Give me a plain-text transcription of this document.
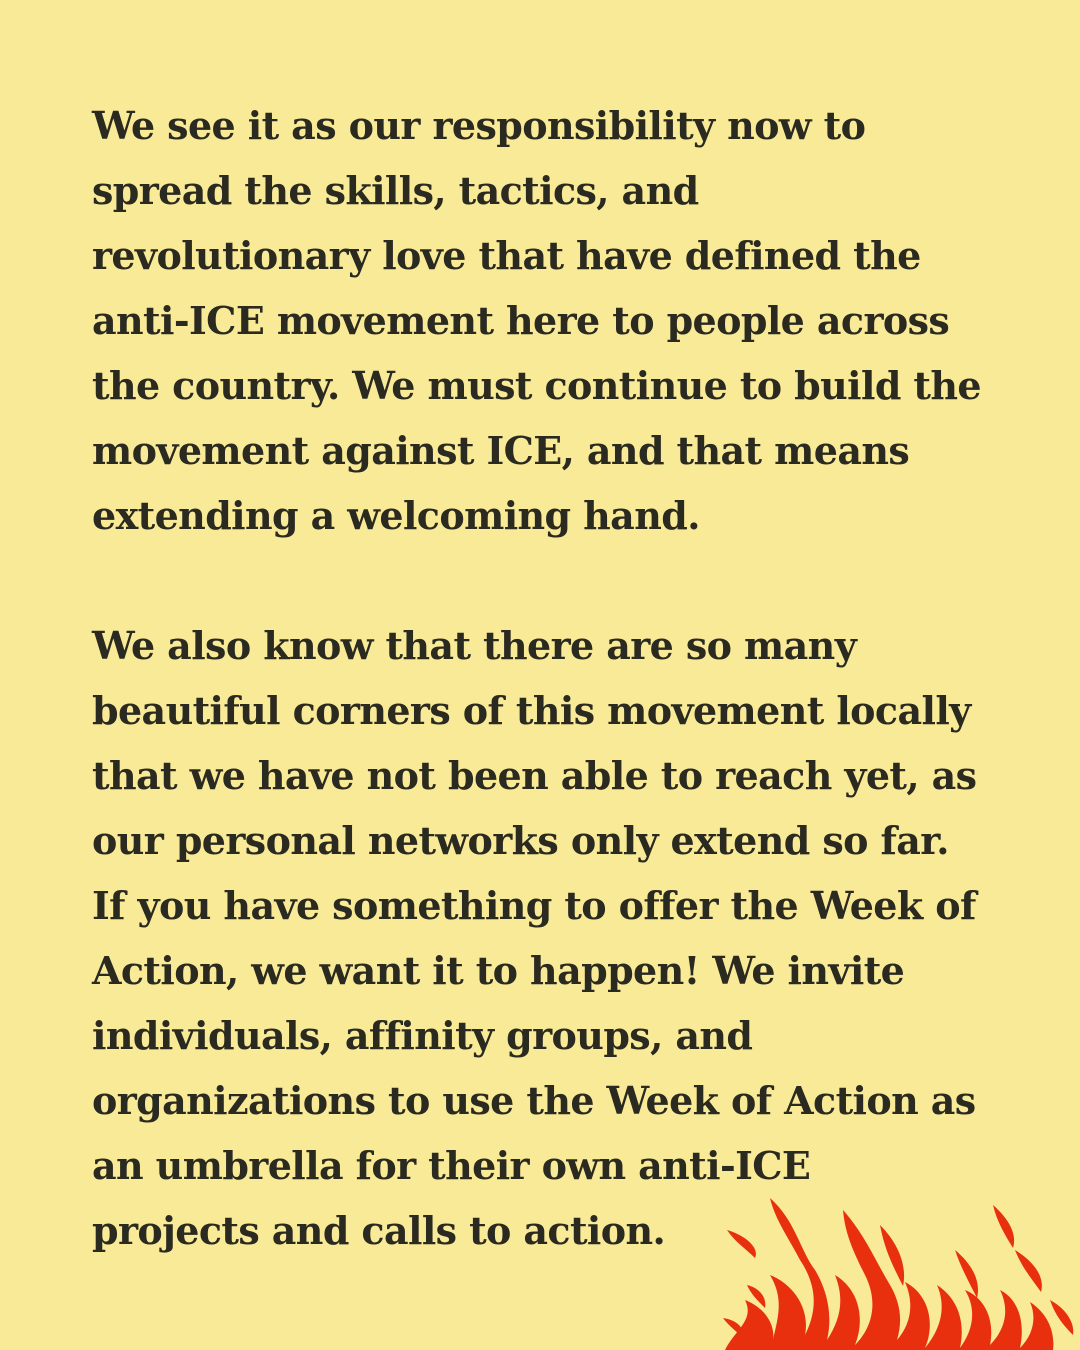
We see it as our responsibility now to
spread the skills, tactics, and
revolutionary love that have defined the
anti-ICE movement here to people across
the country. We must continue to build the
movement against ICE, and that means
extending a welcoming hand.
We also know that there are so many
beautiful corners of this movement locally
that we have not been able to reach yet, as
our personal networks only extend so far.
If you have something to offer the Week of
Action, we want it to happen! We invite
individuals, affinity groups, and
organizations to use the Week of Action as
an umbrella for their own anti-ICE
projects and calls to action.
